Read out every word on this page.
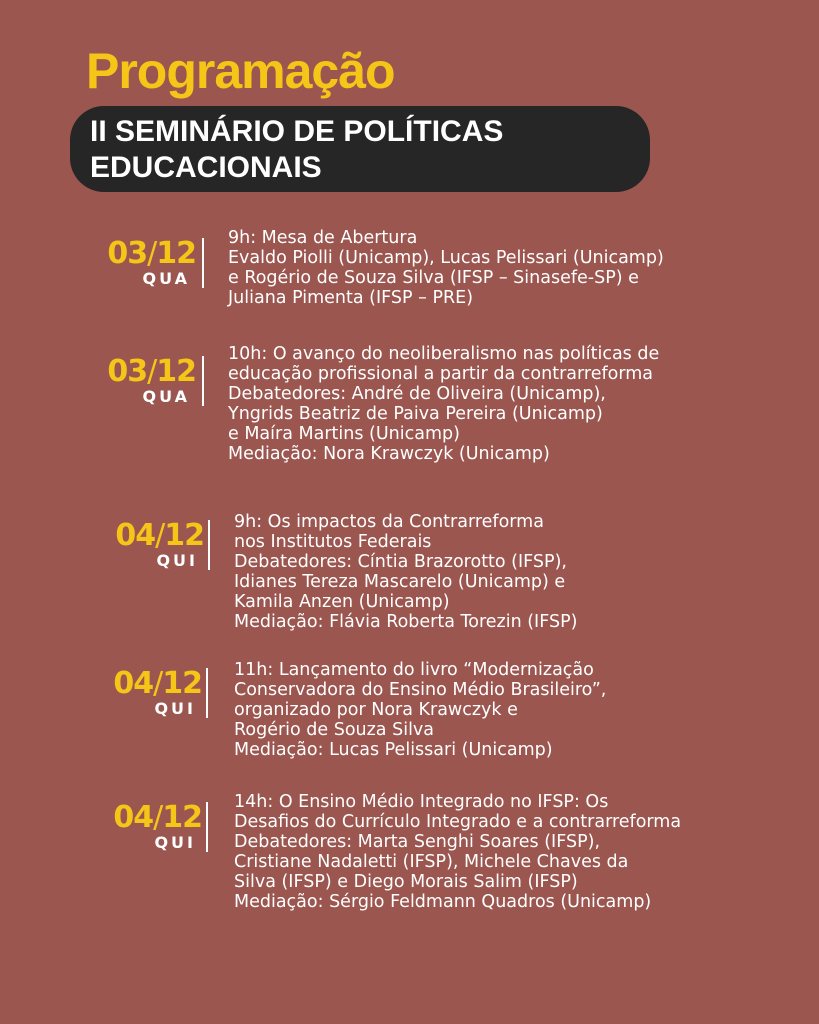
Programação
II SEMINÁRIO DE POLÍTICAS
EDUCACIONAIS
03/12
QUA
9h: Mesa de Abertura
Evaldo Piolli (Unicamp), Lucas Pelissari (Unicamp)
e Rogério de Souza Silva (IFSP – Sinasefe-SP) e
Juliana Pimenta (IFSP – PRE)
03/12
QUA
10h: O avanço do neoliberalismo nas políticas de
educação profissional a partir da contrarreforma
Debatedores: André de Oliveira (Unicamp),
Yngrids Beatriz de Paiva Pereira (Unicamp)
e Maíra Martins (Unicamp)
Mediação: Nora Krawczyk (Unicamp)
04/12
QUI
9h: Os impactos da Contrarreforma
nos Institutos Federais
Debatedores: Cíntia Brazorotto (IFSP),
Idianes Tereza Mascarelo (Unicamp) e
Kamila Anzen (Unicamp)
Mediação: Flávia Roberta Torezin (IFSP)
04/12
QUI
11h: Lançamento do livro “Modernização
Conservadora do Ensino Médio Brasileiro”,
organizado por Nora Krawczyk e
Rogério de Souza Silva
Mediação: Lucas Pelissari (Unicamp)
04/12
QUI
14h: O Ensino Médio Integrado no IFSP: Os
Desafios do Currículo Integrado e a contrarreforma
Debatedores: Marta Senghi Soares (IFSP),
Cristiane Nadaletti (IFSP), Michele Chaves da
Silva (IFSP) e Diego Morais Salim (IFSP)
Mediação: Sérgio Feldmann Quadros (Unicamp)
